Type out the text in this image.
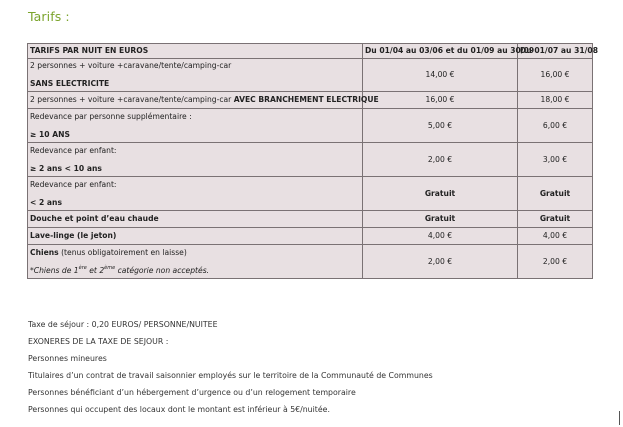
Tarifs :
TARIFS PAR NUIT EN EUROS	Du 01/04 au 03/06 et du 01/09 au 30/09	Du 01/07 au 31/08

2 personnes + voiture +caravane/tente/camping-car
SANS ELECTRICITE	14,00 €	16,00 €
2 personnes + voiture +caravane/tente/camping-car AVEC BRANCHEMENT ELECTRIQUE	16,00 €	18,00 €

Redevance par personne supplémentaire :
≥ 10 ANS	5,00 €	6,00 €

Redevance par enfant:
≥ 2 ans < 10 ans	2,00 €	3,00 €

Redevance par enfant:
< 2 ans	Gratuit	Gratuit
Douche et point d’eau chaude	Gratuit	Gratuit
Lave-linge (le jeton)	4,00 €	4,00 €

Chiens (tenus obligatoirement en laisse)
*Chiens de 1ère et 2ème catégorie non acceptés.	2,00 €	2,00 €
Taxe de séjour : 0,20 EUROS/ PERSONNE/NUITEE
EXONERES DE LA TAXE DE SEJOUR :
Personnes mineures
Titulaires d’un contrat de travail saisonnier employés sur le territoire de la Communauté de Communes
Personnes bénéficiant d’un hébergement d’urgence ou d’un relogement temporaire
Personnes qui occupent des locaux dont le montant est inférieur à 5€/nuitée.
